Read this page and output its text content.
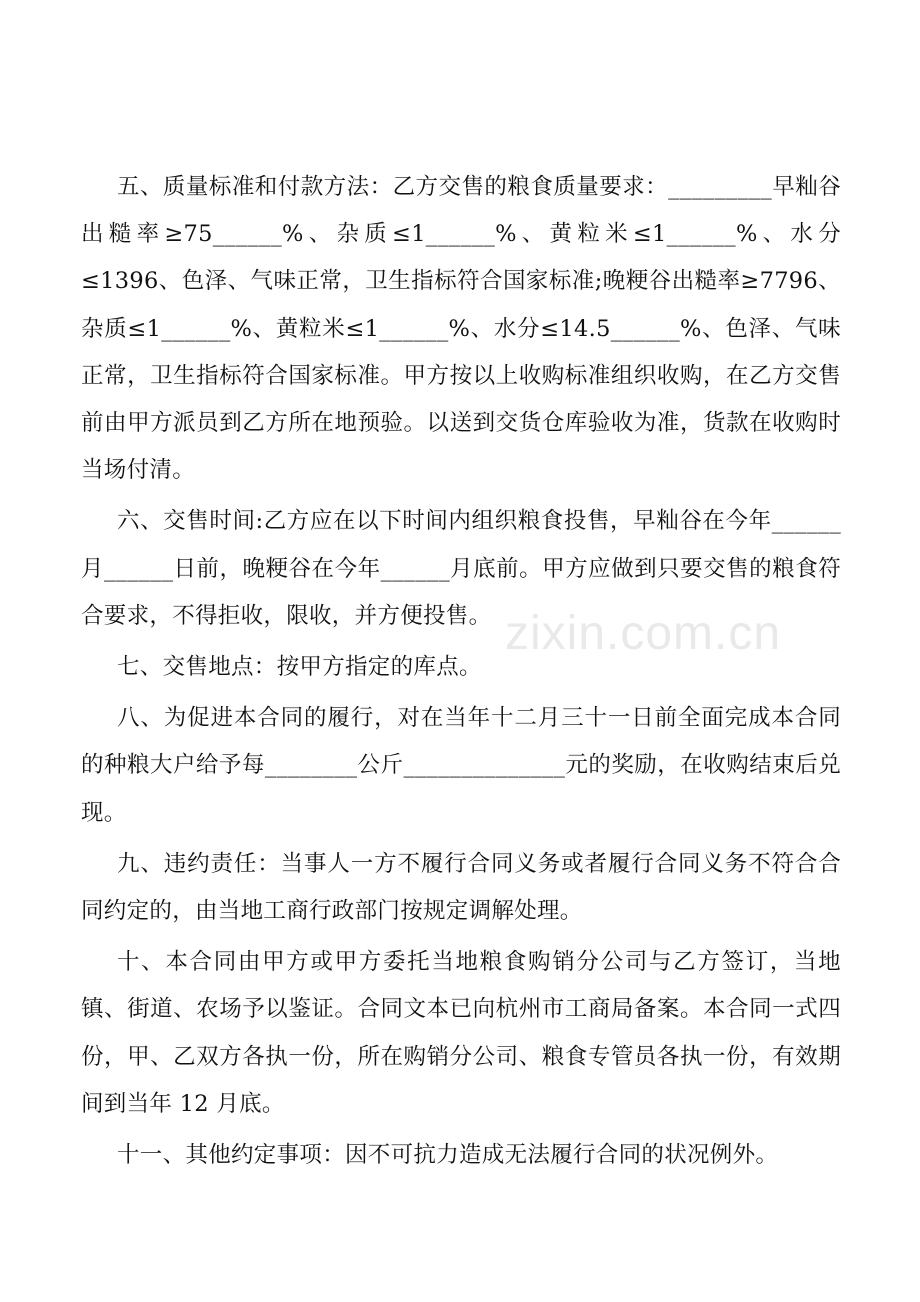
五、质量标准和付款方法：乙方交售的粮食质量要求：_________早籼谷出糙率≥75______%、杂质≤1______%、黄粒米≤1______%、水分≤1396、色泽、气味正常，卫生指标符合国家标准;晚粳谷出糙率≥7796、杂质≤1______%、黄粒米≤1______%、水分≤14.5______%、色泽、气味正常，卫生指标符合国家标准。甲方按以上收购标准组织收购，在乙方交售前由甲方派员到乙方所在地预验。以送到交货仓库验收为准，货款在收购时当场付清。

六、交售时间:乙方应在以下时间内组织粮食投售，早籼谷在今年______月______日前，晚粳谷在今年______月底前。甲方应做到只要交售的粮食符合要求，不得拒收，限收，并方便投售。

七、交售地点：按甲方指定的库点。

八、为促进本合同的履行，对在当年十二月三十一日前全面完成本合同的种粮大户给予每________公斤______________元的奖励，在收购结束后兑现。

九、违约责任：当事人一方不履行合同义务或者履行合同义务不符合合同约定的，由当地工商行政部门按规定调解处理。

十、本合同由甲方或甲方委托当地粮食购销分公司与乙方签订，当地镇、街道、农场予以鉴证。合同文本已向杭州市工商局备案。本合同一式四份，甲、乙双方各执一份，所在购销分公司、粮食专管员各执一份，有效期间到当年 12 月底。

十一、其他约定事项：因不可抗力造成无法履行合同的状况例外。

zixin.com.cn
